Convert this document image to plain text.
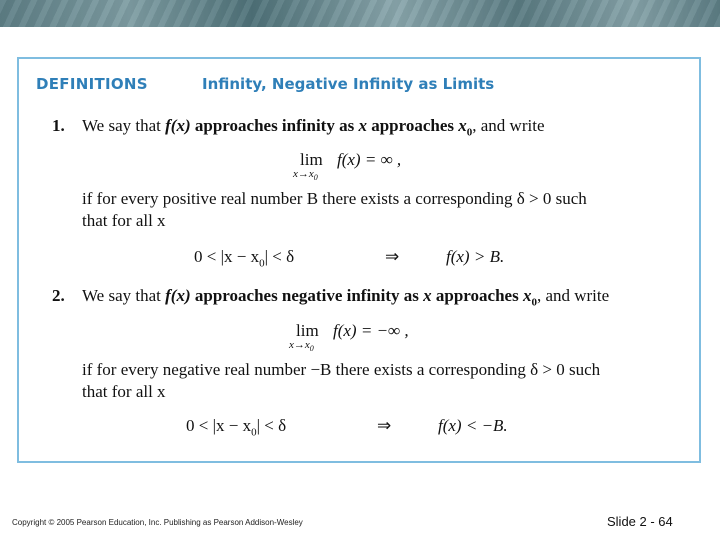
DEFINITIONS	Infinity, Negative Infinity as Limits
1. We say that f(x) approaches infinity as x approaches $x_0$, and write
lim
$x\to x_0$
f(x) = ∞ ,
if for every positive real number B there exists a corresponding δ > 0 such
that for all x
$0 < |x - x_0| < \delta$	⇒	f(x) > B.
2. We say that f(x) approaches negative infinity as x approaches $x_0$, and write
lim
$x\to x_0$
f(x) = −∞ ,
if for every negative real number −B there exists a corresponding δ > 0 such
that for all x
$0 < |x - x_0| < \delta$	⇒	f(x) < −B.
Copyright © 2005 Pearson Education, Inc. Publishing as Pearson Addison-Wesley	Slide 2 - 64
